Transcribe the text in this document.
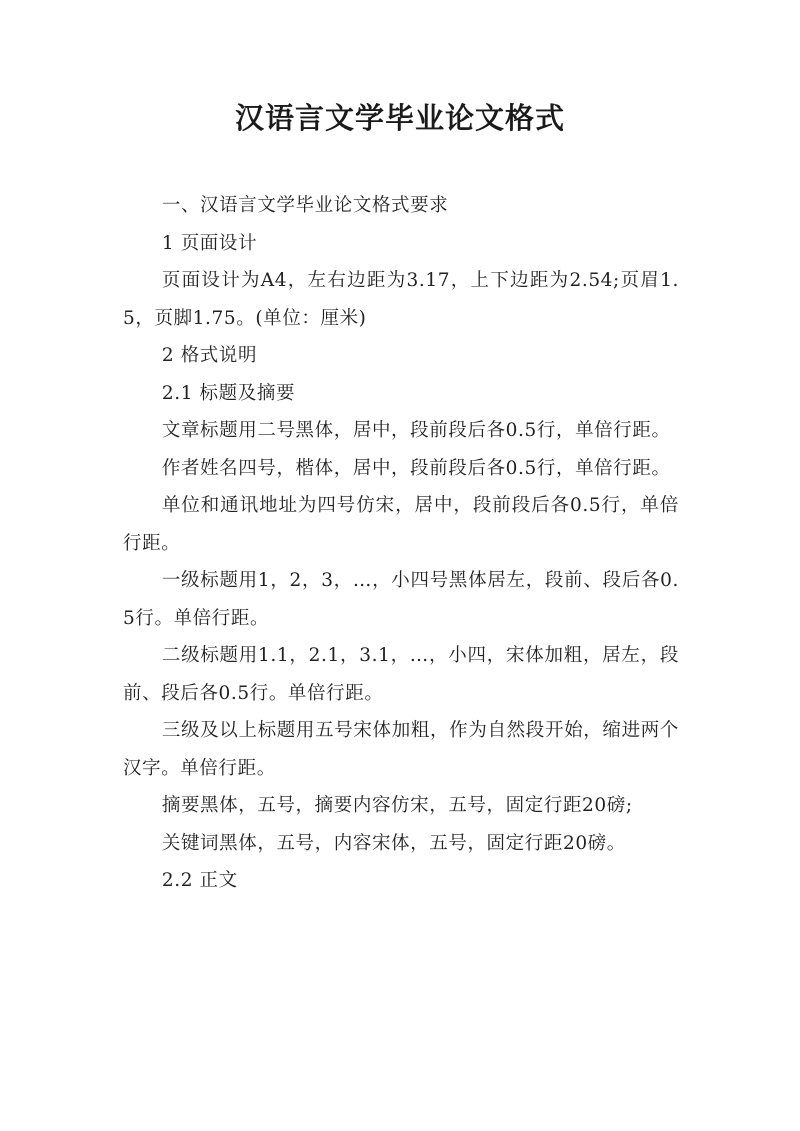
汉语言文学毕业论文格式

一、汉语言文学毕业论文格式要求

1 页面设计

页面设计为A4，左右边距为3.17，上下边距为2.54;页眉1.5，页脚1.75。(单位：厘米)

2 格式说明

2.1 标题及摘要

文章标题用二号黑体，居中，段前段后各0.5行，单倍行距。

作者姓名四号，楷体，居中，段前段后各0.5行，单倍行距。

单位和通讯地址为四号仿宋，居中，段前段后各0.5行，单倍行距。

一级标题用1，2，3，…，小四号黑体居左，段前、段后各0.5行。单倍行距。

二级标题用1.1，2.1，3.1，…，小四，宋体加粗，居左，段前、段后各0.5行。单倍行距。

三级及以上标题用五号宋体加粗，作为自然段开始，缩进两个汉字。单倍行距。

摘要黑体，五号，摘要内容仿宋，五号，固定行距20磅;

关键词黑体，五号，内容宋体，五号，固定行距20磅。

2.2 正文
